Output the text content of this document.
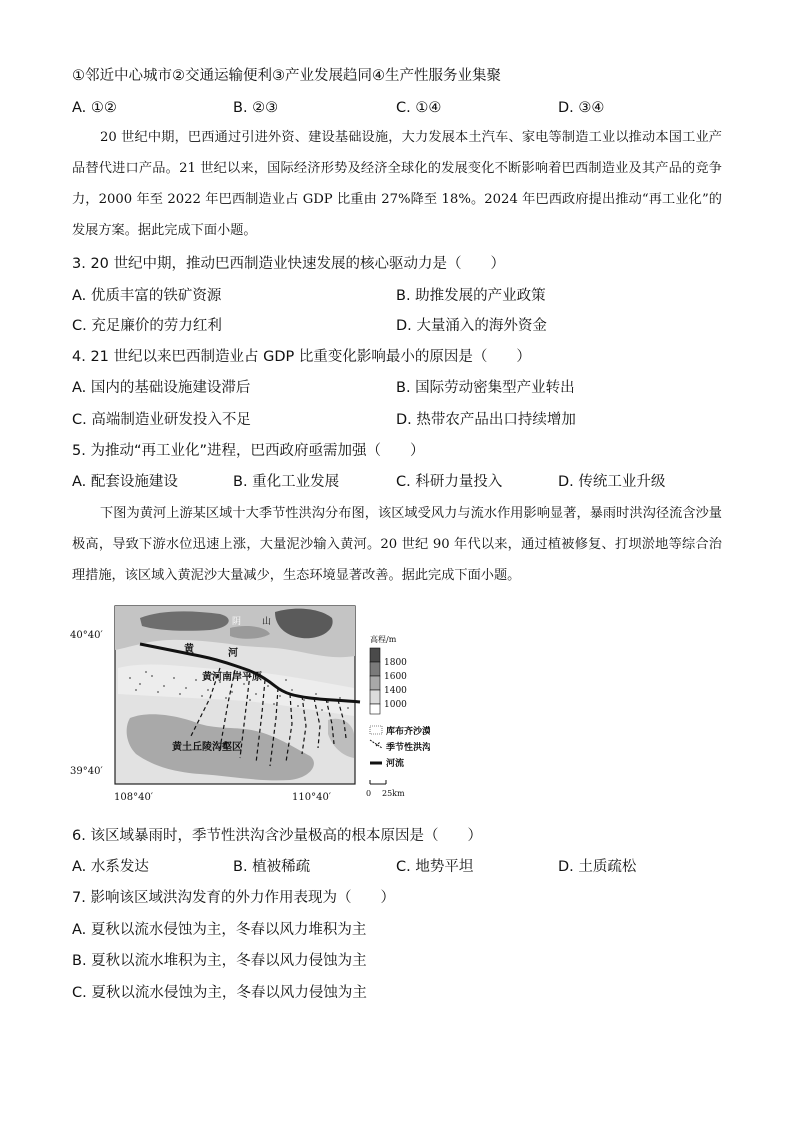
①邻近中心城市②交通运输便利③产业发展趋同④生产性服务业集聚
A. ①②	B. ②③	C. ①④	D. ③④
20 世纪中期，巴西通过引进外资、建设基础设施，大力发展本土汽车、家电等制造工业以推动本国工业产品替代进口产品。21 世纪以来，国际经济形势及经济全球化的发展变化不断影响着巴西制造业及其产品的竞争力，2000 年至 2022 年巴西制造业占 GDP 比重由 27%降至 18%。2024 年巴西政府提出推动“再工业化”的发展方案。据此完成下面小题。
3. 20 世纪中期，推动巴西制造业快速发展的核心驱动力是（　　）
A. 优质丰富的铁矿资源	B. 助推发展的产业政策
C. 充足廉价的劳力红利	D. 大量涌入的海外资金
4. 21 世纪以来巴西制造业占 GDP 比重变化影响最小的原因是（　　）
A. 国内的基础设施建设滞后	B. 国际劳动密集型产业转出
C. 高端制造业研发投入不足	D. 热带农产品出口持续增加
5. 为推动“再工业化”进程，巴西政府亟需加强（　　）
A. 配套设施建设	B. 重化工业发展	C. 科研力量投入	D. 传统工业升级
下图为黄河上游某区域十大季节性洪沟分布图，该区域受风力与流水作用影响显著，暴雨时洪沟径流含沙量极高，导致下游水位迅速上涨，大量泥沙输入黄河。20 世纪 90 年代以来，通过植被修复、打坝淤地等综合治理措施，该区域入黄泥沙大量减少，生态环境显著改善。据此完成下面小题。
阴 山
黄	河
黄河南岸平原
黄土丘陵沟壑区
40°40′
39°40′
108°40′	110°40′
高程/m
1800
1600
1400
1000
库布齐沙漠
季节性洪沟
河流
0 25km
6. 该区域暴雨时，季节性洪沟含沙量极高的根本原因是（　　）
A. 水系发达	B. 植被稀疏	C. 地势平坦	D. 土质疏松
7. 影响该区域洪沟发育的外力作用表现为（　　）
A. 夏秋以流水侵蚀为主，冬春以风力堆积为主
B. 夏秋以流水堆积为主，冬春以风力侵蚀为主
C. 夏秋以流水侵蚀为主，冬春以风力侵蚀为主
